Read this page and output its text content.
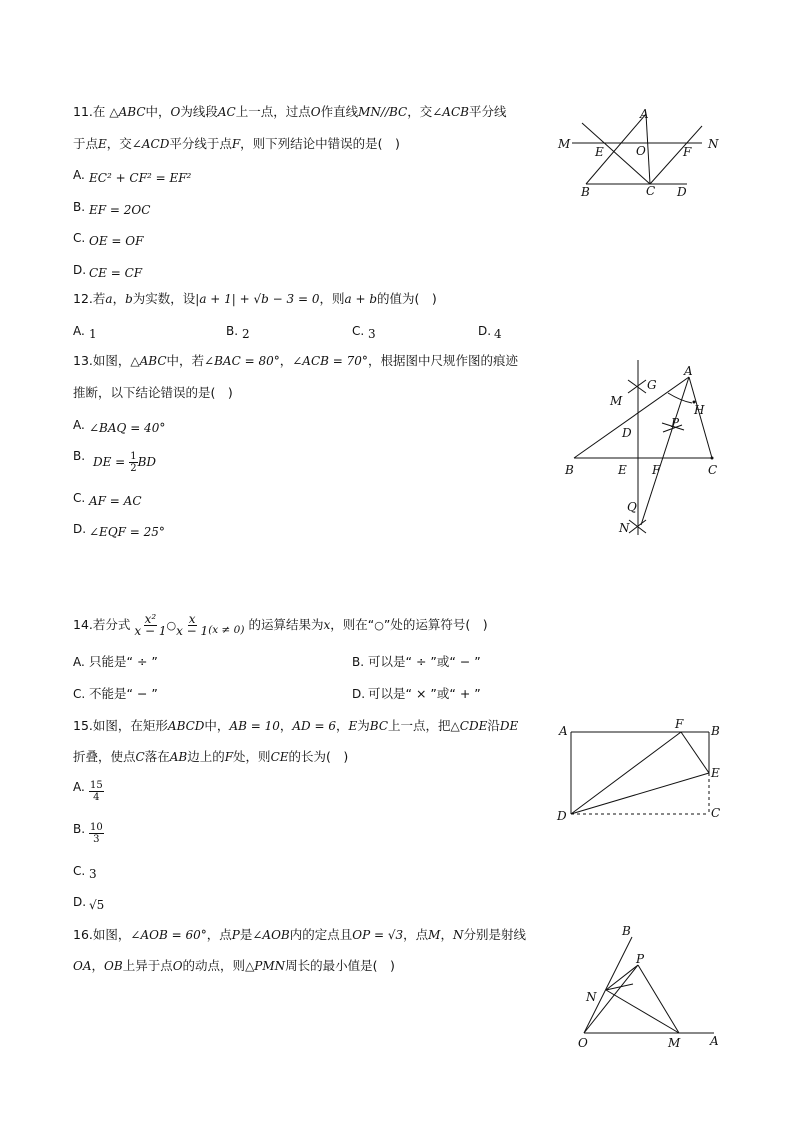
11.在 △ABC中，O为线段AC上一点，过点O作直线MN//BC，交∠ACB平分线
于点E，交∠ACD平分线于点F，则下列结论中错误的是(　)
A. EC² + CF² = EF²
B. EF = 2OC
C. OE = OF
D. CE = CF
M	N
A
E	O	F
B	C D
12.若a，b为实数，设|a + 1| + √b − 3 = 0，则a + b的值为(　)
A. 1	B. 2	C. 3	D. 4
13.如图，△ABC中，若∠BAC = 80°，∠ACB = 70°，根据图中尺规作图的痕迹
推断，以下结论错误的是(　)
A. ∠BAQ = 40°
B. DE = $\frac{1}{2}$ BD
C. AF = AC
D. ∠EQF = 25°
A
G
M
H
P
D
B	E F	C
Q
N
14.若分式 $\frac{\text{x²}}{x - 1}$ ○ $\frac{x}{x - 1} _{(x \ne 0)}$ 的运算结果为x，则在“○”处的运算符号(　)
A. 只能是“ ÷ ”	B. 可以是“ ÷ ”或“ − ”
C. 不能是“ − ”	D. 可以是“ × ”或“ + ”
15.如图，在矩形ABCD中，AB = 10，AD = 6，E为BC上一点，把△CDE沿DE
折叠，使点C落在AB边上的F处，则CE的长为(　)
A. $\frac{15}{4}$
B. $\frac{10}{3}$
C. 3
D. √5
A	F B
E
D	C
16.如图，∠AOB = 60°，点P是∠AOB内的定点且OP = √3，点M，N分别是射线
OA，OB上异于点O的动点，则△PMN周长的最小值是(　)
B
P
N
O	M A
